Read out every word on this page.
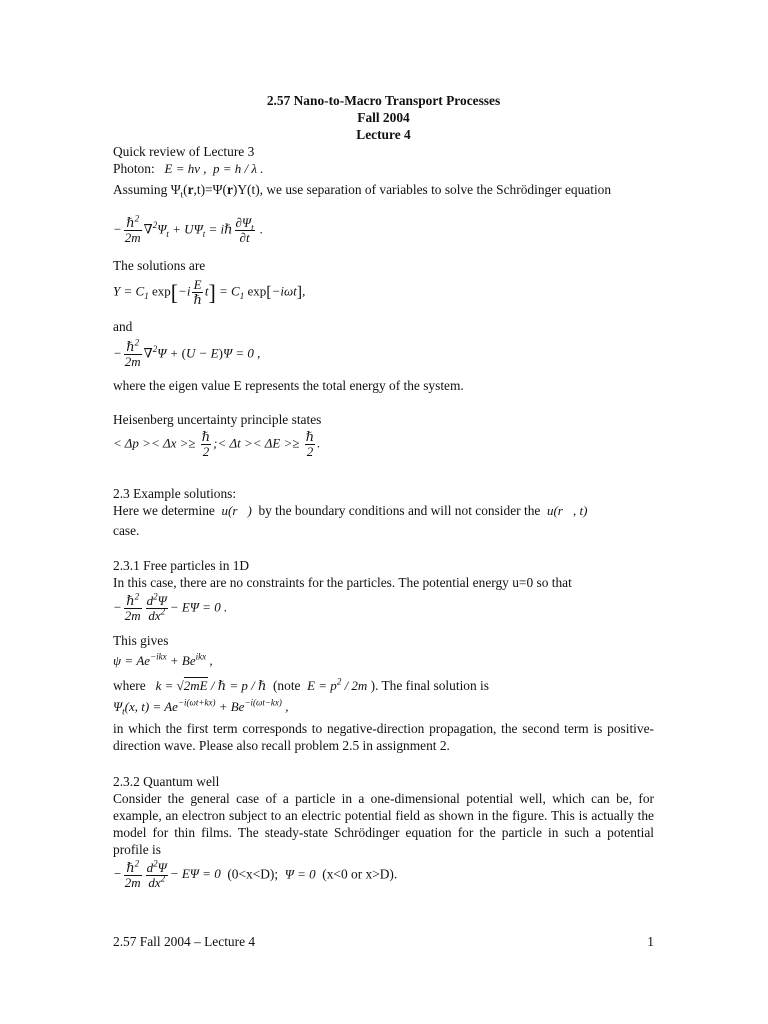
2.57 Nano-to-Macro Transport Processes
Fall 2004
Lecture 4
Quick review of Lecture 3
Photon:   E = hν ,  p = h / λ .
Assuming $\Psi_t(r,t)=\Psi(r)Y(t)$, we use separation of variables to solve the Schrödinger equation
− $\frac{\hbar^2}{2m} \nabla^2\Psi_t + U\Psi_t$ = iℏ $\frac{\partial\Psi_t}{\partial t}$ .
The solutions are
$Y = C_1$ $\exp[-i \frac{E}{\text{ℏ}} t] = C_1$ exp[−iωt],
and
− $\frac{\hbar^2}{2m} \nabla^2\Psi + (U - E)\Psi = 0$ ,
where the eigen value E represents the total energy of the system.
Heisenberg uncertainty principle states
< $\Delta p >< \Delta x >\ge \frac{\text{ℏ}}{2}$ ;< $\Delta t >< \Delta E >\ge \frac{\text{ℏ}}{2}$ .
2.3 Example solutions:
Here we determine  u(r⃗)  by the boundary conditions and will not consider the  u(r⃗, t)
case.
2.3.1 Free particles in 1D
In this case, there are no constraints for the particles. The potential energy u=0 so that
− $\frac{\hbar^2}{2m} \frac{d^2\Psi}{dx^2} - E\Psi = 0$ .
This gives
$\psi = Ae^{-ikx} + Be^{ikx}$ ,
where   k = √2mE / ℏ = p / ℏ  (note  $E = p^2 / 2m$ ). The final solution is
$\Psi_t(x$, $t) = Ae^{-i(\omega t+kx)} + Be^{-i(\omega t-kx)}$ ,
in which the first term corresponds to negative-direction propagation, the second term is positive-direction wave. Please also recall problem 2.5 in assignment 2.
2.3.2 Quantum well
Consider the general case of a particle in a one-dimensional potential well, which can be, for example, an electron subject to an electric potential field as shown in the figure. This is actually the model for thin films. The steady-state Schrödinger equation for the particle in such a potential profile is
− $\frac{\hbar^2}{2m} \frac{d^2\Psi}{dx^2} - E\Psi = 0$  (0<x<D);  Ψ = 0  (x<0 or x>D).
2.57 Fall 2004 – Lecture 4	1
